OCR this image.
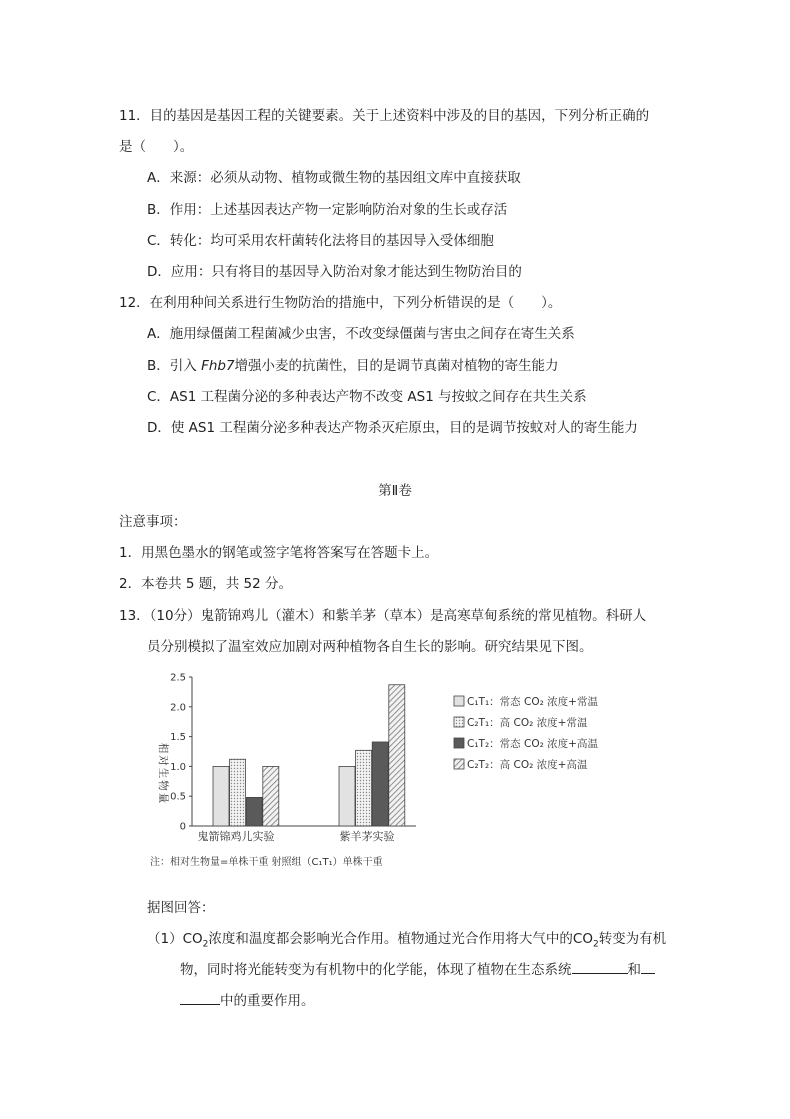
11．目的基因是基因工程的关键要素。关于上述资料中涉及的目的基因，下列分析正确的
是（　　）。
A．来源：必须从动物、植物或微生物的基因组文库中直接获取
B．作用：上述基因表达产物一定影响防治对象的生长或存活
C．转化：均可采用农杆菌转化法将目的基因导入受体细胞
D．应用：只有将目的基因导入防治对象才能达到生物防治目的
12．在利用种间关系进行生物防治的措施中，下列分析错误的是（　　）。
A．施用绿僵菌工程菌减少虫害，不改变绿僵菌与害虫之间存在寄生关系
B．引入 Fhb7增强小麦的抗菌性，目的是调节真菌对植物的寄生能力
C．AS1 工程菌分泌的多种表达产物不改变 AS1 与按蚊之间存在共生关系
D．使 AS1 工程菌分泌多种表达产物杀灭疟原虫，目的是调节按蚊对人的寄生能力
第Ⅱ卷
注意事项：
1．用黑色墨水的钢笔或签字笔将答案写在答题卡上。
2．本卷共 5 题，共 52 分。
13．（10分）鬼箭锦鸡儿（灌木）和紫羊茅（草本）是高寒草甸系统的常见植物。科研人
员分别模拟了温室效应加剧对两种植物各自生长的影响。研究结果见下图。
0
0.5
1.0
1.5
2.0
2.5
C₁T₁：常态 CO₂ 浓度+常温
C₂T₁：高 CO₂ 浓度+常温
C₁T₂：常态 CO₂ 浓度+高温
C₂T₂：高 CO₂ 浓度+高温
相对生物量
鬼箭锦鸡儿实验	紫羊茅实验
注：相对生物量=单株干重 射照组（C₁T₁）单株干重
据图回答：
$(1)CO_2$浓度和温度都会影响光合作用。植物通过光合作用将大气中的$CO_2$转变为有机
物，同时将光能转变为有机物中的化学能，体现了植物在生态系统	和
中的重要作用。
